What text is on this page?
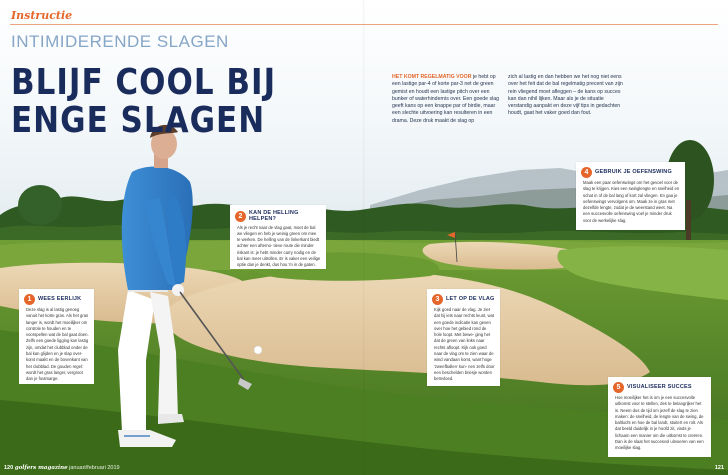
Instructie
INTIMIDERENDE SLAGEN
BLIJF COOL BIJ
ENGE SLAGEN

HET KOMT REGELMATIG VOOR je hebt op een lastige par-4 of korte par-3 net de green gemist en houdt een lastige pitch over een bunker of waterhindernis over. Een goede slag geeft kans op een knappe par of birdie, maar een slechte uitvoering kan resulteren in een drama. Deze druk maakt de slag op

zich al lastig en dan hebben we het nog niet eens over het feit dat de bal regelmatig precent van zijn rein vliegend moet afleggen – de kans op succes kan dan nihil lijken. Maar als je de situatie verstandig aanpakt en deze vijf tips in gedachten houdt, gaat het vaker goed dan fout.

1	WEES EERLIJK
Deze slag is al lastig genoeg vanuit het korte gras. Als het gras langer is, wordt het moeilijker om controle te houden en te voorspellen wat de bal gaat doen. Zelfs een goede ligging kan lastig zijn, omdat het clubblad onder de bal kan glijden en je slap over- komt maakt en de bovenkant van het clubblad. De gouden regel: wordt het gras langer, vergroot dan je foutmarge.
2	KAN DE HELLING HELPEN?
Als je recht naar de vlag gaat, moet de bal we vliegen en heb je weinig green om mee te werken. De helling van de linkerkant biedt achter een afterno- tieve route die minder riskant is: je hebt minder carry nodig en de bal kan meer uitrollen. Er is vaker een veilige optie dan je denkt, dus hou 'm in de gaten.
3	LET OP DE VLAG
Kijk goed naar de vlag. Je ziet dat hij iets naar rechts leunt, wat een goede indicatie kan geven over hoe het gebied rond de hole loopt. Met bewe- ging het dat de green van links naar rechts afloopt. Kijk ook goed naar de vlag om te zien waar de wind vandaan komt, want hoge 'zweefballen' kun- nen zelfs door een beschelden briesje worden beïnvloed.
4	GEBRUIK JE OEFENSWING
Maak een paar oefenswings om het gevoel voor de slag te krijgen. Kies een swinglengte en snelheid en schat in of de bal lang of kort zal vliegen. En gaa je oefenswings vervolgens om. Maak ze in gras met dezelfde lengte, zodat je de weerstand weet. Na een succesvolle oefenswing voel je minder druk voor de werkelijke slag.
5	VISUALISEER SUCCES
Hoe moeilijker het is om je een succesvolle uitkomst voor te stellen, des te belangrijker het is. Neem dus de tijd om jezelf de slag te zien maken: de snelheid, de lengte van de swing, de baltlucht en hoe de bal landt, stuitert en rolt. Als dat beeld duidelijk in je hoofd zit, vinds je lichaam een manier om die uitkomst te creëren. Dan is de slaat het succesvol uitvoeren van een moeilijke slag.
120 golfers magazine januari/februari 2019	121
